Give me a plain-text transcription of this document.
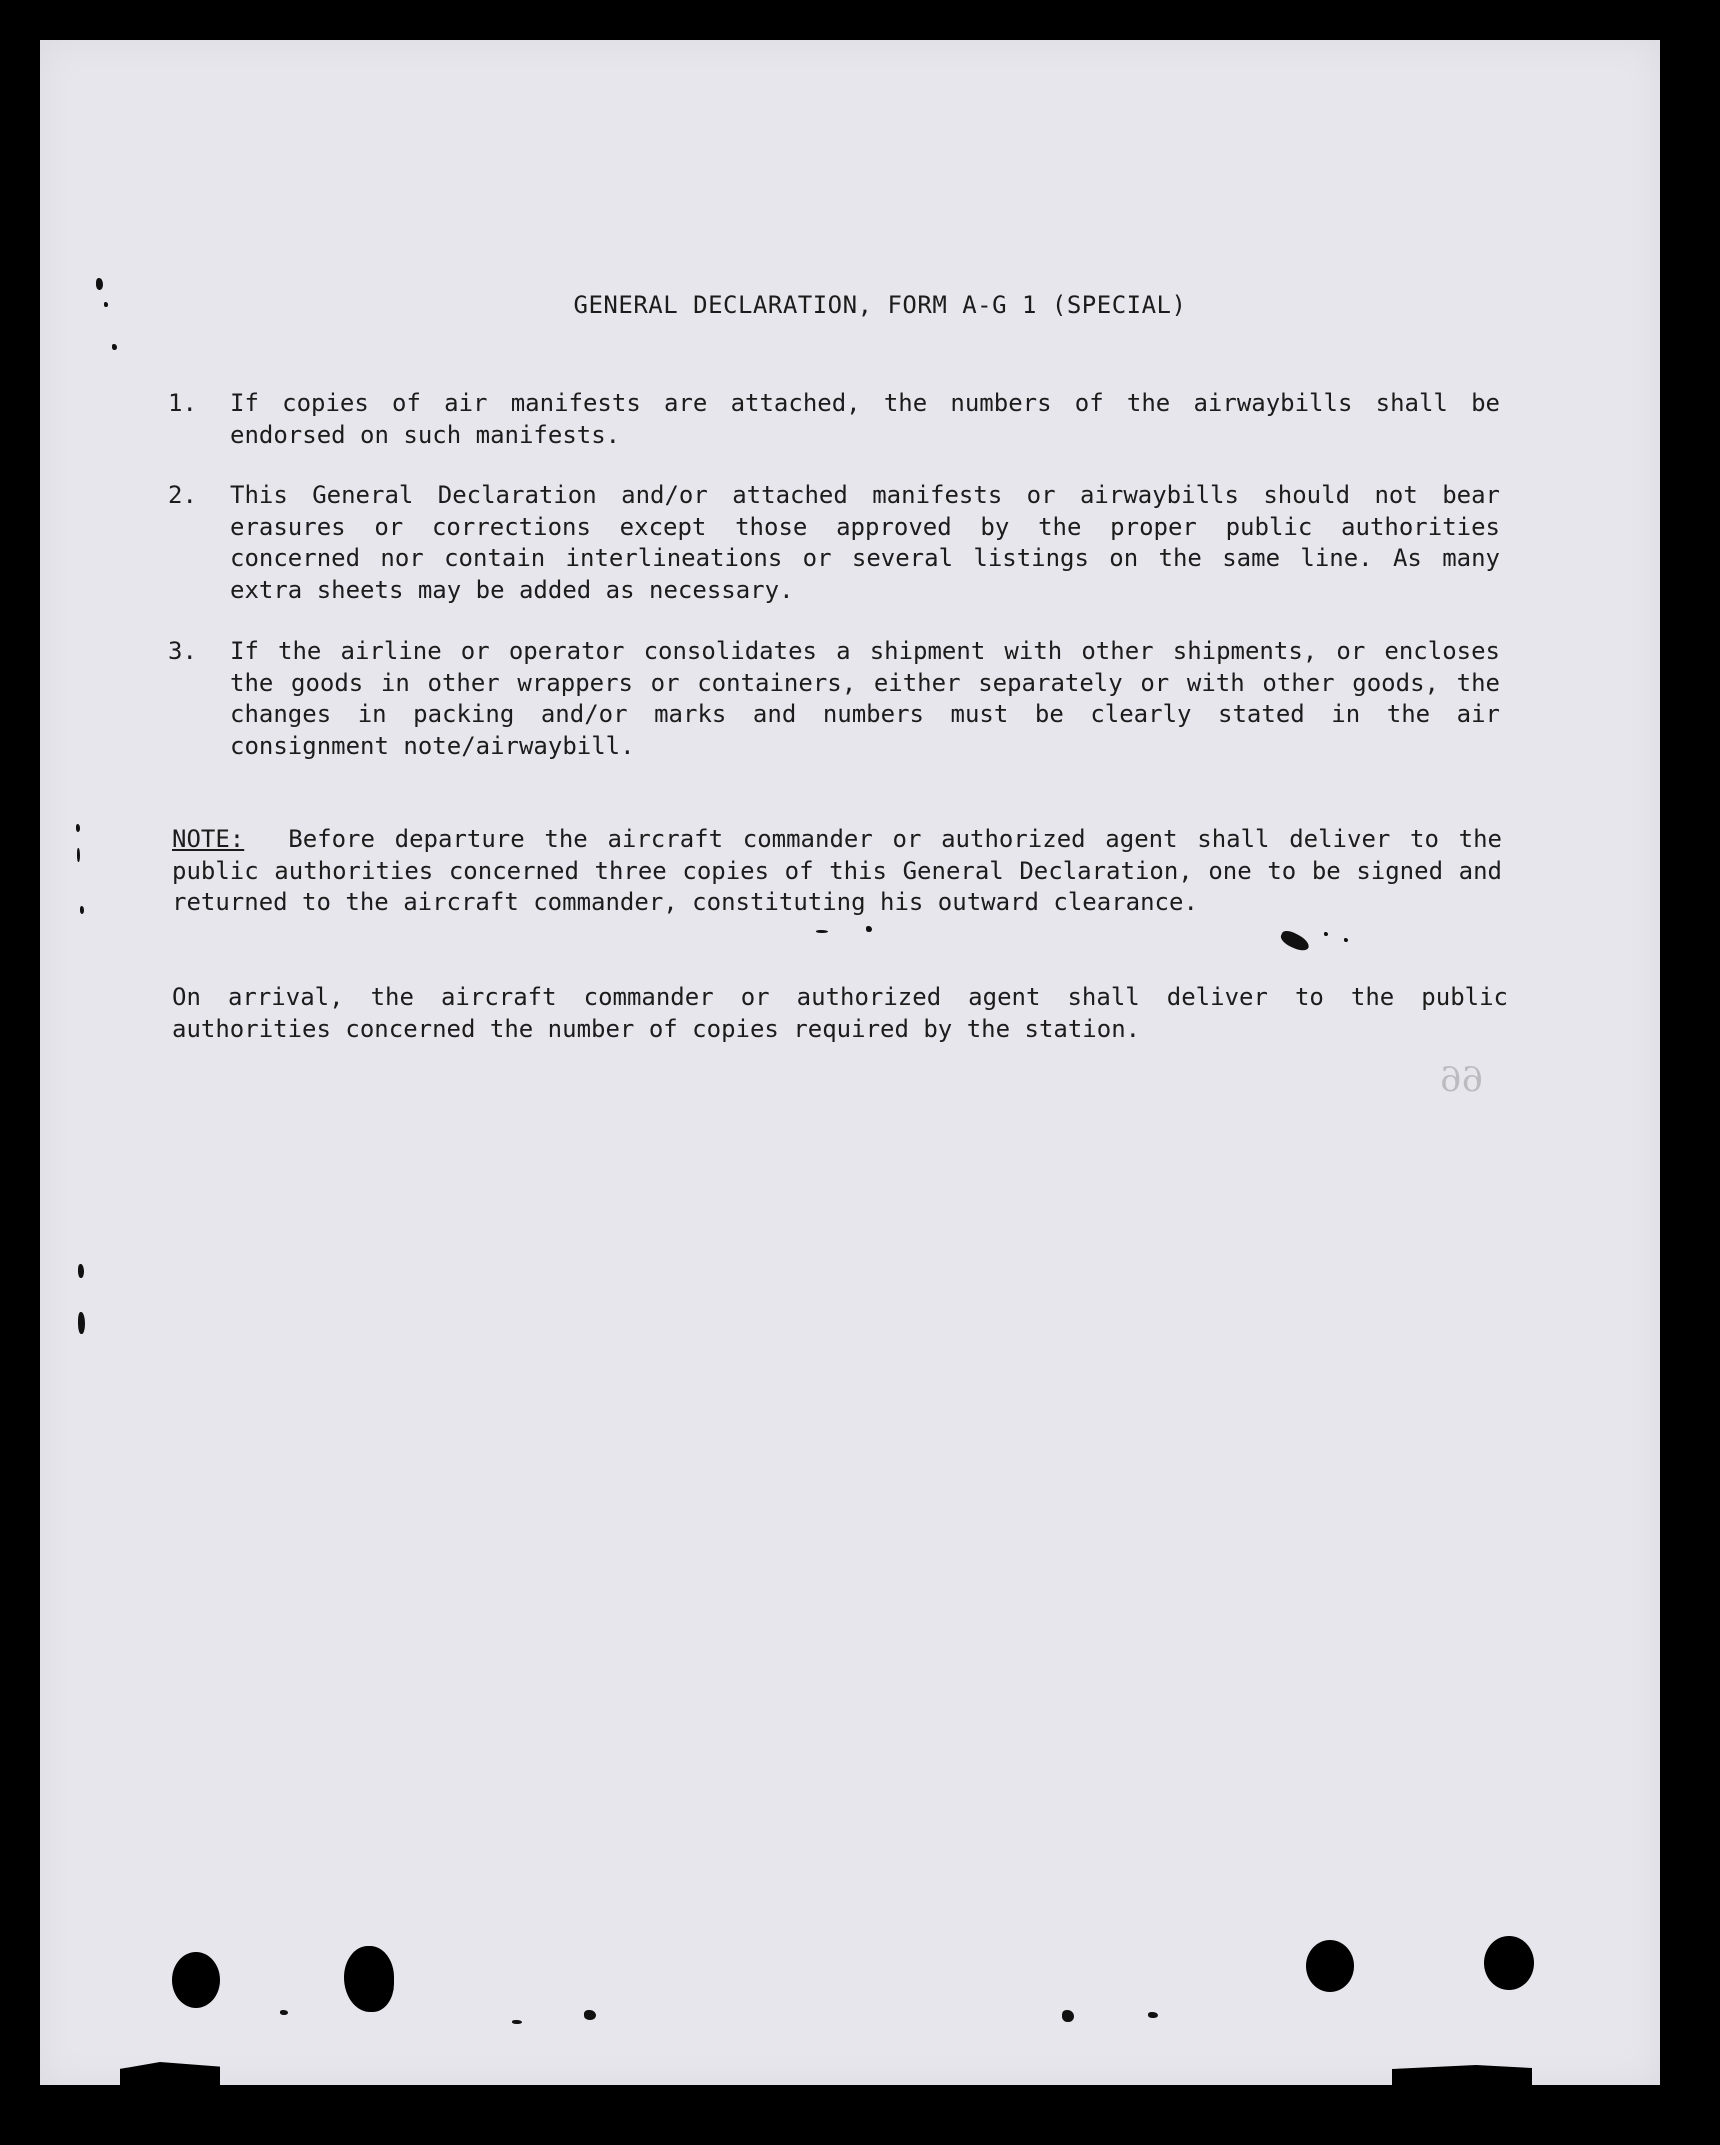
GENERAL DECLARATION, FORM A-G 1 (SPECIAL)

1. If copies of air manifests are attached, the numbers of the airwaybills shall be endorsed on such manifests.

2. This General Declaration and/or attached manifests or airwaybills should not bear erasures or corrections except those approved by the proper public authorities concerned nor contain interlineations or several listings on the same line. As many extra sheets may be added as necessary.

3. If the airline or operator consolidates a shipment with other shipments, or encloses the goods in other wrappers or containers, either separately or with other goods, the changes in packing and/or marks and numbers must be clearly stated in the air consignment note/airwaybill.

NOTE: Before departure the aircraft commander or authorized agent shall deliver to the public authorities concerned three copies of this General Declaration, one to be signed and returned to the aircraft commander, constituting his outward clearance.

On arrival, the aircraft commander or authorized agent shall deliver to the public authorities concerned the number of copies required by the station.

66
